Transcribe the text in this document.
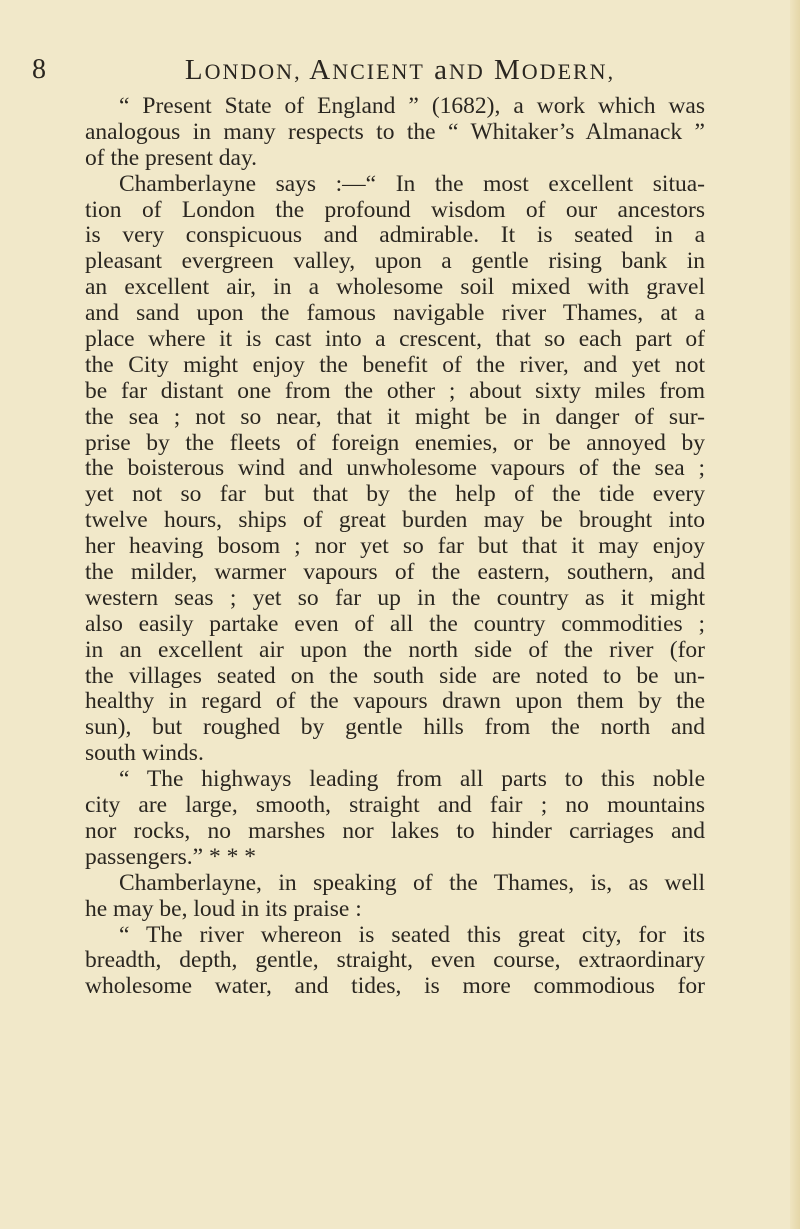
8	LONDON, ANCIENT aND MODERN,
“ Present State of England ” (1682), a work which was
analogous in many respects to the “ Whitaker’s Almanack ”
of the present day.
Chamberlayne says :—“ In the most excellent situa-
tion of London the profound wisdom of our ancestors
is very conspicuous and admirable. It is seated in a
pleasant evergreen valley, upon a gentle rising bank in
an excellent air, in a wholesome soil mixed with gravel
and sand upon the famous navigable river Thames, at a
place where it is cast into a crescent, that so each part of
the City might enjoy the benefit of the river, and yet not
be far distant one from the other ; about sixty miles from
the sea ; not so near, that it might be in danger of sur-
prise by the fleets of foreign enemies, or be annoyed by
the boisterous wind and unwholesome vapours of the sea ;
yet not so far but that by the help of the tide every
twelve hours, ships of great burden may be brought into
her heaving bosom ; nor yet so far but that it may enjoy
the milder, warmer vapours of the eastern, southern, and
western seas ; yet so far up in the country as it might
also easily partake even of all the country commodities ;
in an excellent air upon the north side of the river (for
the villages seated on the south side are noted to be un-
healthy in regard of the vapours drawn upon them by the
sun), but roughed by gentle hills from the north and
south winds.
“ The highways leading from all parts to this noble
city are large, smooth, straight and fair ; no mountains
nor rocks, no marshes nor lakes to hinder carriages and
passengers.” * * *
Chamberlayne, in speaking of the Thames, is, as well
he may be, loud in its praise :
“ The river whereon is seated this great city, for its
breadth, depth, gentle, straight, even course, extraordinary
wholesome water, and tides, is more commodious for
